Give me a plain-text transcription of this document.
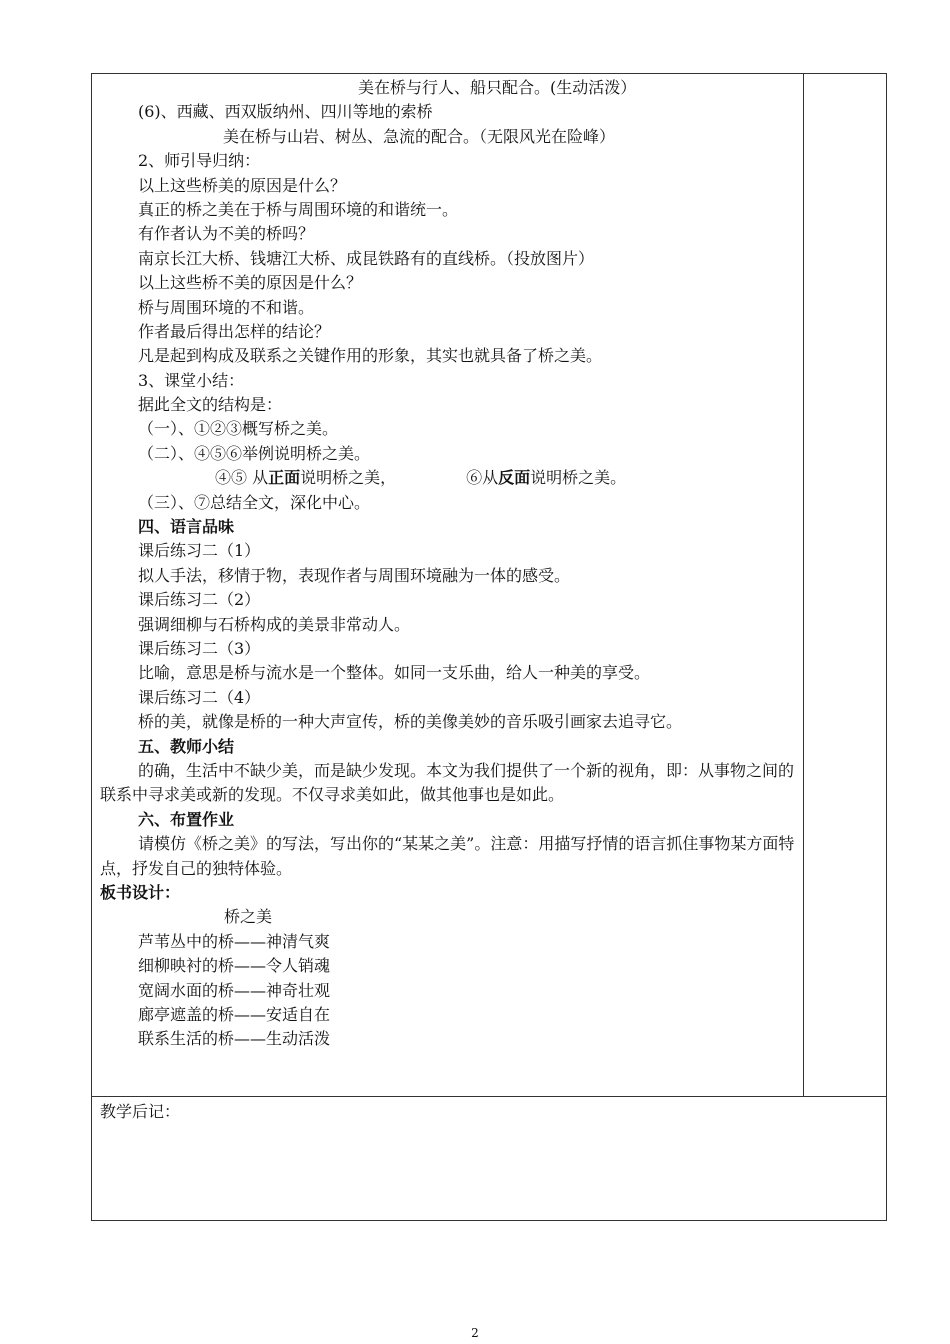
美在桥与行人、船只配合。(生动活泼）
(6)、西藏、西双版纳州、四川等地的索桥
美在桥与山岩、树丛、急流的配合。（无限风光在险峰）
2、师引导归纳：
以上这些桥美的原因是什么？
真正的桥之美在于桥与周围环境的和谐统一。
有作者认为不美的桥吗？
南京长江大桥、钱塘江大桥、成昆铁路有的直线桥。（投放图片）
以上这些桥不美的原因是什么？
桥与周围环境的不和谐。
作者最后得出怎样的结论？
凡是起到构成及联系之关键作用的形象，其实也就具备了桥之美。
3、课堂小结：
据此全文的结构是：
（一）、①②③概写桥之美。
（二）、④⑤⑥举例说明桥之美。
④⑤ 从正面说明桥之美，	⑥从反面说明桥之美。
（三）、⑦总结全文，深化中心。
四、语言品味
课后练习二（1）
拟人手法，移情于物，表现作者与周围环境融为一体的感受。
课后练习二（2）
强调细柳与石桥构成的美景非常动人。
课后练习二（3）
比喻，意思是桥与流水是一个整体。如同一支乐曲，给人一种美的享受。
课后练习二（4）
桥的美，就像是桥的一种大声宣传，桥的美像美妙的音乐吸引画家去追寻它。
五、教师小结
的确，生活中不缺少美，而是缺少发现。本文为我们提供了一个新的视角，即：从事物之间的联系中寻求美或新的发现。不仅寻求美如此，做其他事也是如此。
六、布置作业
请模仿《桥之美》的写法，写出你的“某某之美”。注意：用描写抒情的语言抓住事物某方面特点，抒发自己的独特体验。
板书设计：
桥之美
芦苇丛中的桥——神清气爽
细柳映衬的桥——令人销魂
宽阔水面的桥——神奇壮观
廊亭遮盖的桥——安适自在
联系生活的桥——生动活泼
教学后记：
2
